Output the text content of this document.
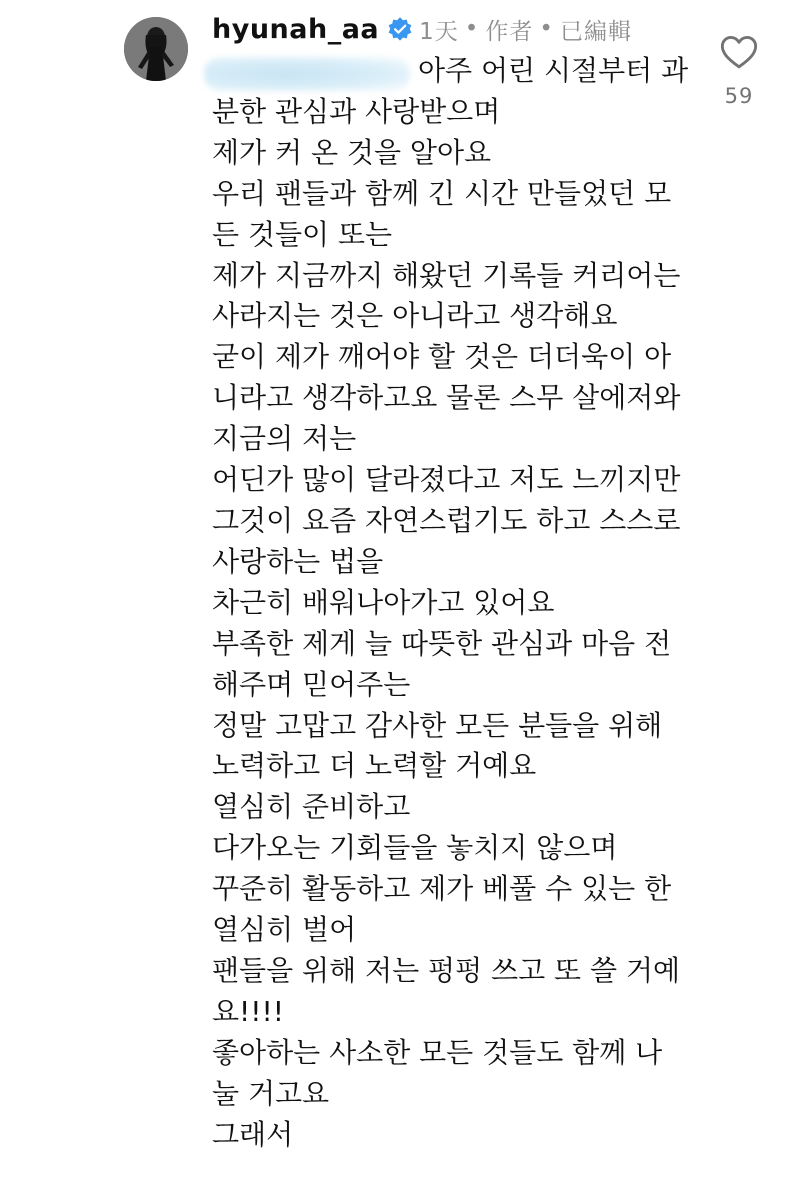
hyunah_aa 1天 • 作者 • 已編輯
아주 어린 시절부터 과
분한 관심과 사랑받으며
제가 커 온 것을 알아요
우리 팬들과 함께 긴 시간 만들었던 모
든 것들이 또는
제가 지금까지 해왔던 기록들 커리어는
사라지는 것은 아니라고 생각해요
굳이 제가 깨어야 할 것은 더더욱이 아
니라고 생각하고요 물론 스무 살에저와
지금의 저는
어딘가 많이 달라졌다고 저도 느끼지만
그것이 요즘 자연스럽기도 하고 스스로
사랑하는 법을
차근히 배워나아가고 있어요
부족한 제게 늘 따뜻한 관심과 마음 전
해주며 믿어주는
정말 고맙고 감사한 모든 분들을 위해
노력하고 더 노력할 거예요
열심히 준비하고
다가오는 기회들을 놓치지 않으며
꾸준히 활동하고 제가 베풀 수 있는 한
열심히 벌어
팬들을 위해 저는 펑펑 쓰고 또 쓸 거예
요!!!!
좋아하는 사소한 모든 것들도 함께 나
눌 거고요
그래서
59
